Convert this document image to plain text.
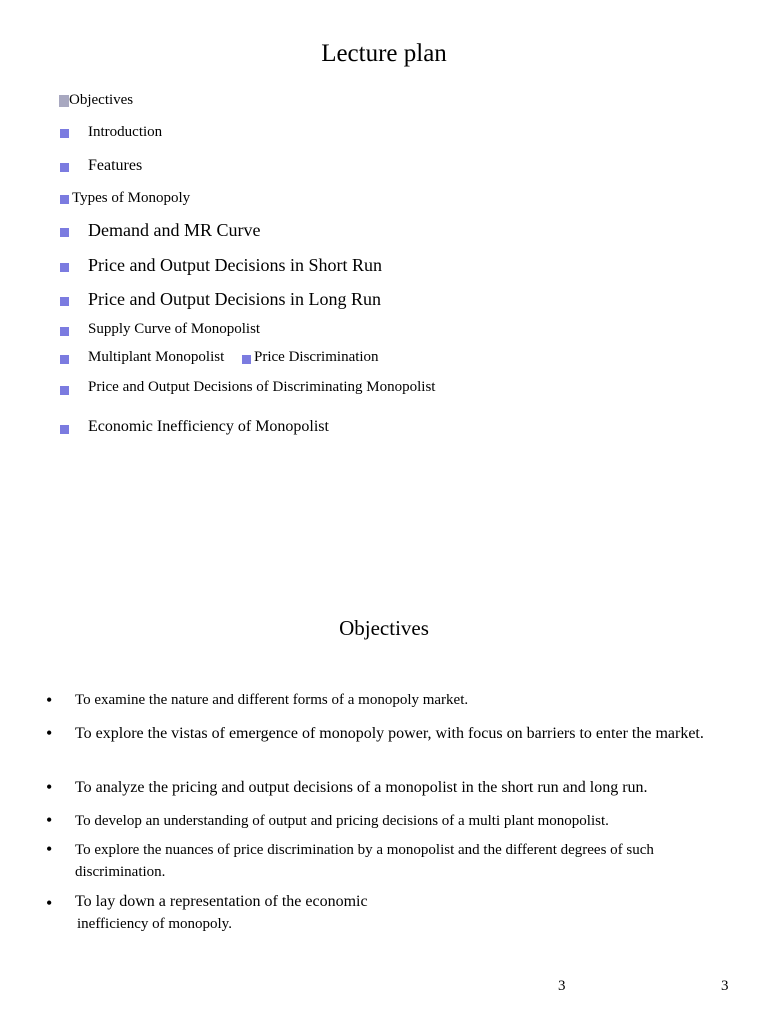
Lecture plan
Objectives
Introduction
Features
Types of Monopoly
Demand and MR Curve
Price and Output Decisions in Short Run
Price and Output Decisions in Long Run
Supply Curve of Monopolist
Multiplant Monopolist Price Discrimination
Price and Output Decisions of Discriminating Monopolist
Economic Inefficiency of Monopolist
Objectives
• To examine the nature and different forms of a monopoly market.
• To explore the vistas of emergence of monopoly power, with focus on barriers to enter the market.
• To analyze the pricing and output decisions of a monopolist in the short run and long run.
• To develop an understanding of output and pricing decisions of a multi plant monopolist.
• To explore the nuances of price discrimination by a monopolist and the different degrees of such discrimination.
• To lay down a representation of the economic
inefficiency of monopoly.
3	3
